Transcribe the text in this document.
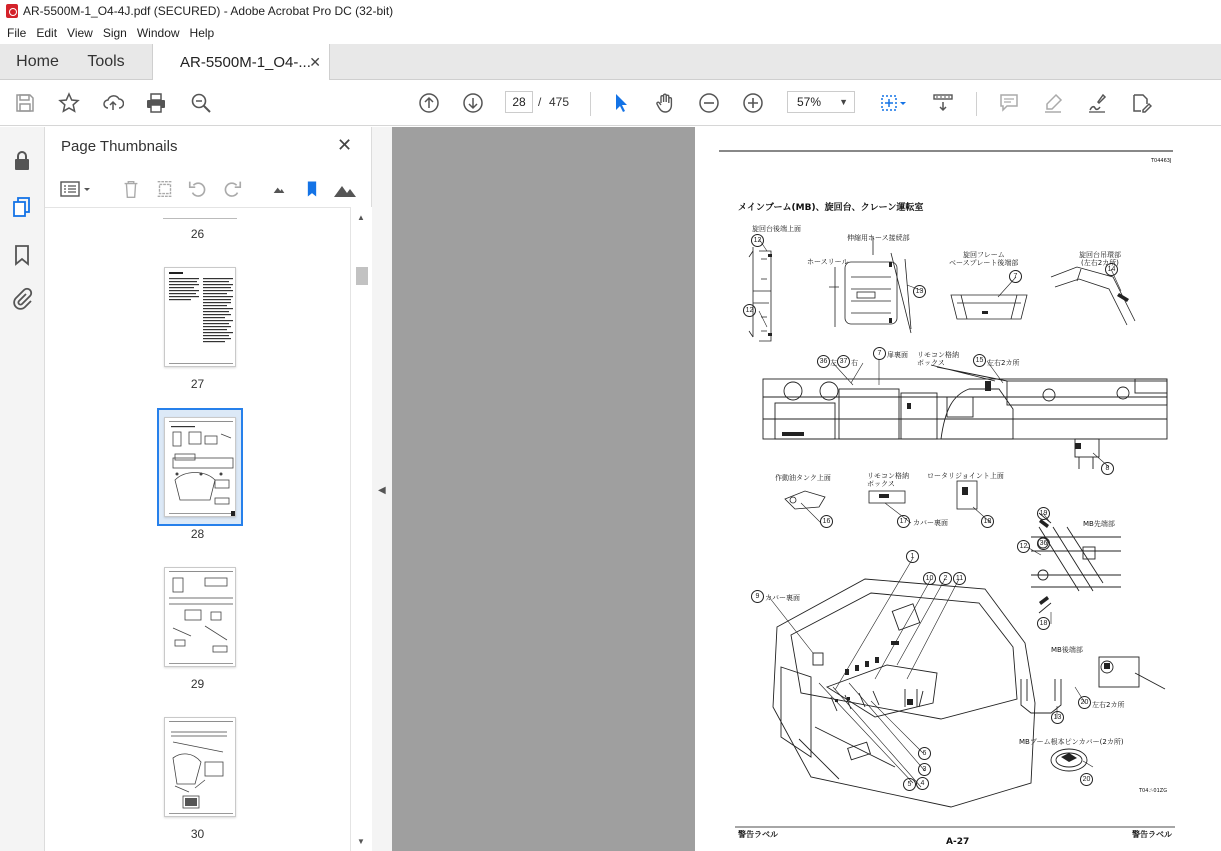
AR-5500M-1_O4-4J.pdf (SECURED) - Adobe Acrobat Pro DC (32-bit)
File Edit View Sign Window Help
Home	Tools	AR-5500M-1_O4-...
✕
28	/ 475	57% ▼
Page Thumbnails	✕
26
27
28
29
30
▲
▼
◀
12
12
13
7
14
36	37
7
15
8
16	17	18
19
12	36
18
1
10	2	11
9
3
4
5
6
13
20
20
T04463J
メインブーム(MB)、旋回台、クレーン運転室
旋回台後端上面
伸縮用ホース接続部
ホースリール
旋回フレーム
ベースプレート後端部
旋回台吊環部
(左右2カ所)
左 右
扉裏面 リモコン格納
ボックス	左右2カ所
作動油タンク上面	リモコン格納
ボックス
ロータリジョイント上面
カバー裏面	MB先端部
カバー裏面
MB後端部
左右2カ所
MBブーム根本ピンカバー(2カ所)
T04ニ01ZG
警告ラベル
A-27
警告ラベル
